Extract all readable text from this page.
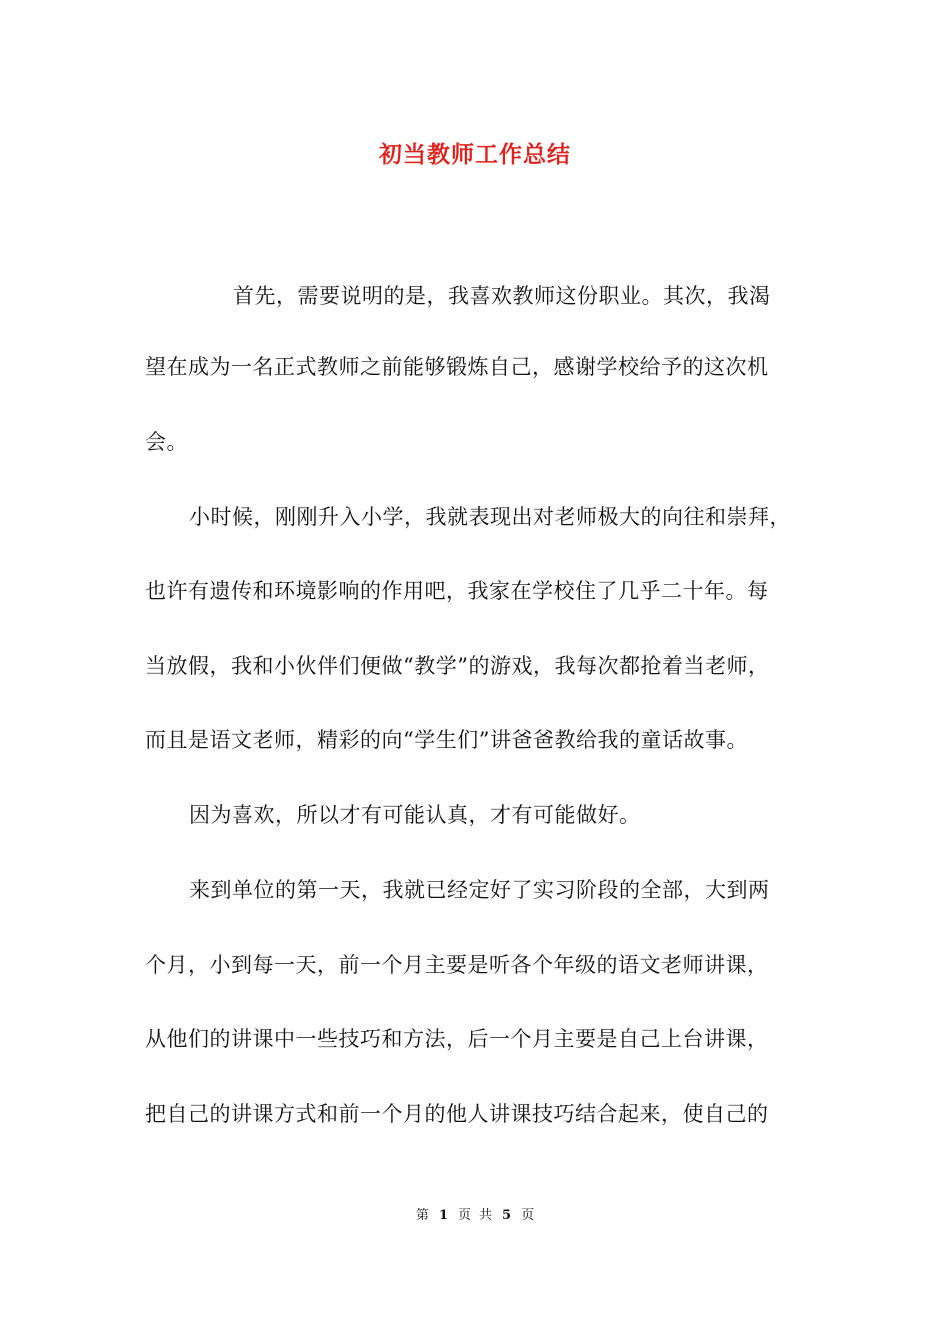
初当教师工作总结
首先，需要说明的是，我喜欢教师这份职业。其次，我渴
望在成为一名正式教师之前能够锻炼自己，感谢学校给予的这次机
会。
小时候，刚刚升入小学，我就表现出对老师极大的向往和崇拜，
也许有遗传和环境影响的作用吧，我家在学校住了几乎二十年。每
当放假，我和小伙伴们便做“教学”的游戏，我每次都抢着当老师，
而且是语文老师，精彩的向“学生们”讲爸爸教给我的童话故事。
因为喜欢，所以才有可能认真，才有可能做好。
来到单位的第一天，我就已经定好了实习阶段的全部，大到两
个月，小到每一天，前一个月主要是听各个年级的语文老师讲课，
从他们的讲课中一些技巧和方法，后一个月主要是自己上台讲课，
把自己的讲课方式和前一个月的他人讲课技巧结合起来，使自己的
第 1 页 共 5 页
